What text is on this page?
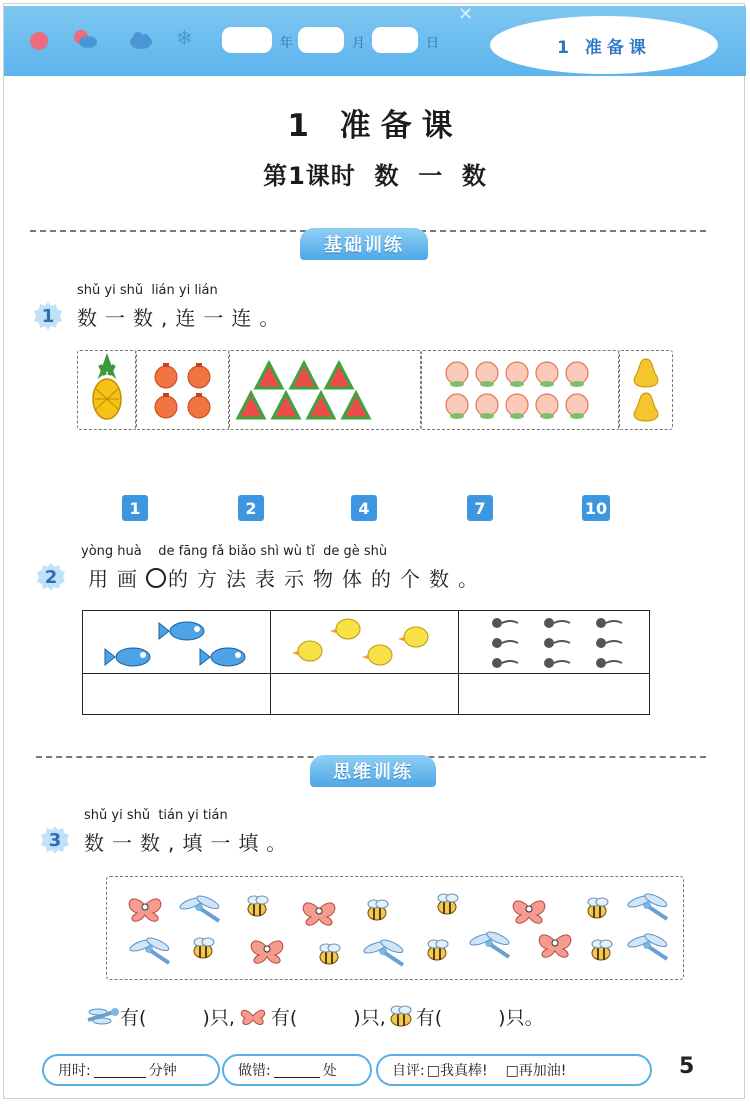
❄	年	月	日
✕
1 准备课
1 准备课
第1课时  数  一  数
基础训练
1
shǔ yi shǔ  lián yi lián
数一数,连一连。
1	2	4	7	10
2
yòng huà    de fāng fǎ biǎo shì wù tǐ  de gè shù
用画 的方法表示物体的个数。
思维训练
3
shǔ yi shǔ  tián yi tián
数一数,填一填。
有(	)只, 有(	)只, 有(	)只。
用时:	分钟	做错:	处	自评: □我真棒! □再加油!	5
